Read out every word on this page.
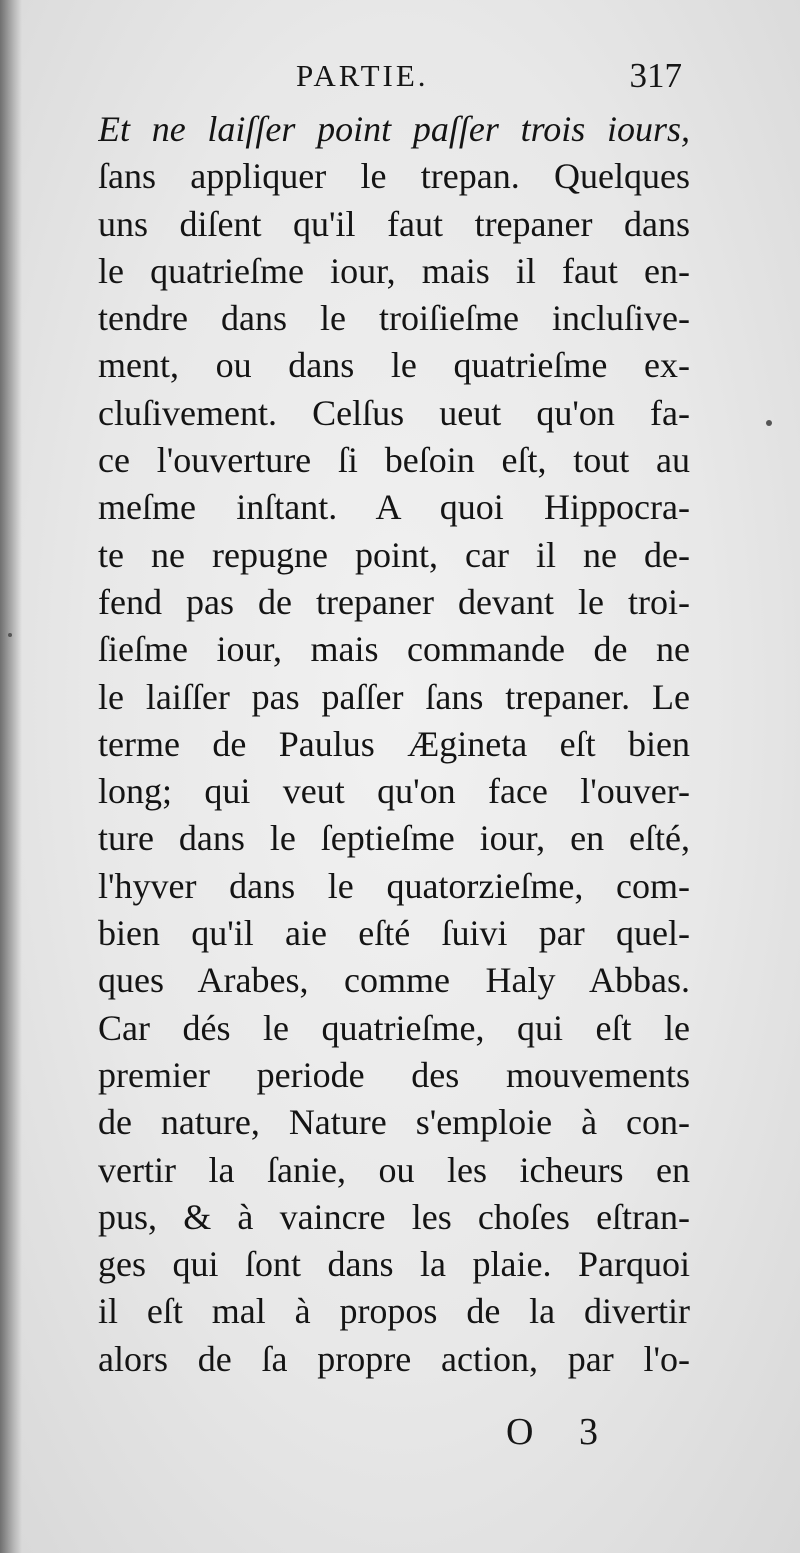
PARTIE.	317
Et ne laiſſer point paſſer trois iours,
ſans appliquer le trepan. Quelques
uns diſent qu'il faut trepaner dans
le quatrieſme iour, mais il faut en-
tendre dans le troiſieſme incluſive-
ment, ou dans le quatrieſme ex-
cluſivement. Celſus ueut qu'on fa-
ce l'ouverture ſi beſoin eſt, tout au
meſme inſtant. A quoi Hippocra-
te ne repugne point, car il ne de-
fend pas de trepaner devant le troi-
ſieſme iour, mais commande de ne
le laiſſer pas paſſer ſans trepaner. Le
terme de Paulus Ægineta eſt bien
long; qui veut qu'on face l'ouver-
ture dans le ſeptieſme iour, en eſté,
l'hyver dans le quatorzieſme, com-
bien qu'il aie eſté ſuivi par quel-
ques Arabes, comme Haly Abbas.
Car dés le quatrieſme, qui eſt le
premier periode des mouvements
de nature, Nature s'emploie à con-
vertir la ſanie, ou les icheurs en
pus, & à vaincre les choſes eſtran-
ges qui ſont dans la plaie. Parquoi
il eſt mal à propos de la divertir
alors de ſa propre action, par l'o-
O 3
